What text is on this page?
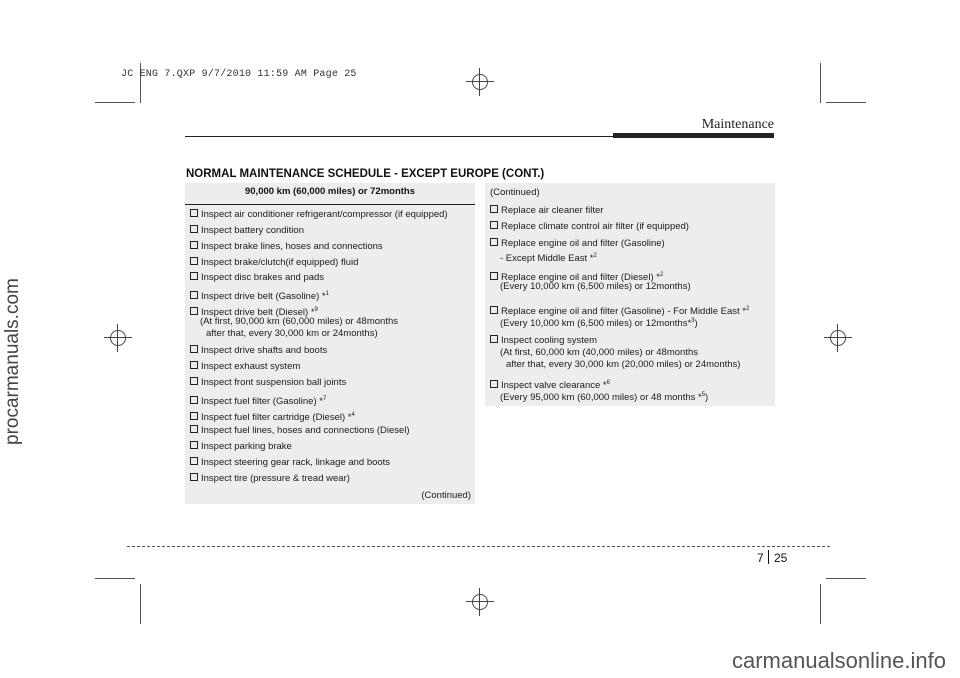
JC ENG 7.QXP 9/7/2010 11:59 AM Page 25
procarmanuals.com
carmanualsonline.info
Maintenance
NORMAL MAINTENANCE SCHEDULE - EXCEPT EUROPE (CONT.)
90,000 km (60,000 miles) or 72months
Inspect air conditioner refrigerant/compressor (if equipped)
Inspect battery condition
Inspect brake lines, hoses and connections
Inspect brake/clutch(if equipped) fluid
Inspect disc brakes and pads
Inspect drive belt (Gasoline) *$^1$
Inspect drive belt (Diesel) *$^9$
(At first, 90,000 km (60,000 miles) or 48months
after that, every 30,000 km or 24months)
Inspect drive shafts and boots
Inspect exhaust system
Inspect front suspension ball joints
Inspect fuel filter (Gasoline) *$^7$
Inspect fuel filter cartridge (Diesel) *$^4$
Inspect fuel lines, hoses and connections (Diesel)
Inspect parking brake
Inspect steering gear rack, linkage and boots
Inspect tire (pressure & tread wear)
(Continued)
(Continued)
Replace air cleaner filter
Replace climate control air filter (if equipped)
Replace engine oil and filter (Gasoline)
- Except Middle East *$^2$
Replace engine oil and filter (Diesel) *$^2$
(Every 10,000 km (6,500 miles) or 12months)
Replace engine oil and filter (Gasoline) - For Middle East *$^2$
(Every 10,000 km (6,500 miles) or 12months*$^3$)
Inspect cooling system
(At first, 60,000 km (40,000 miles) or 48months
after that, every 30,000 km (20,000 miles) or 24months)
Inspect valve clearance *$^6$
(Every 95,000 km (60,000 miles) or 48 months *$^5$)
7 25
